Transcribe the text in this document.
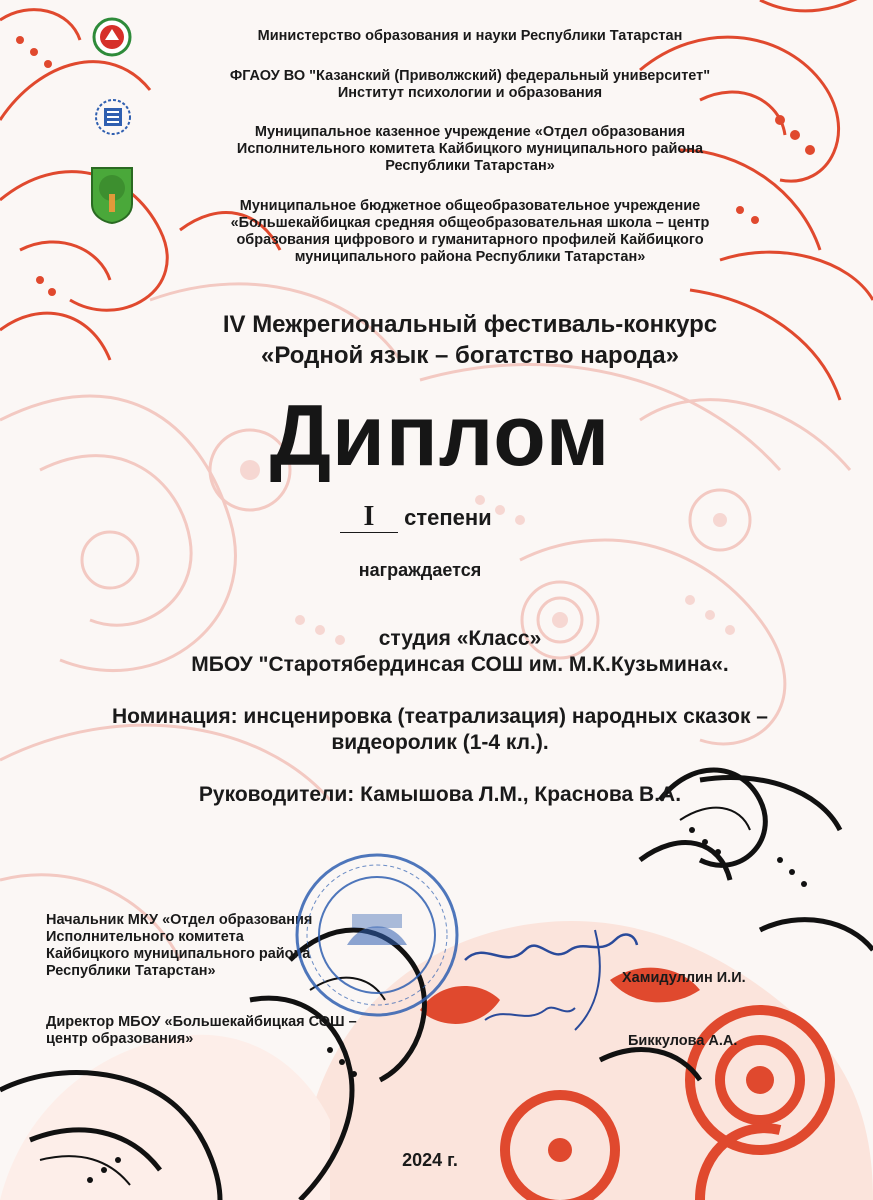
Министерство образования и науки Республики Татарстан
ФГАОУ ВО "Казанский (Приволжский) федеральный университет"
Институт психологии и образования
Муниципальное казенное учреждение «Отдел образования
Исполнительного комитета Кайбицкого муниципального района
Республики Татарстан»
Муниципальное бюджетное общеобразовательное учреждение
«Большекайбицкая средняя общеобразовательная школа – центр
образования цифрового и гуманитарного профилей Кайбицкого
муниципального района Республики Татарстан»
IV Межрегиональный фестиваль-конкурс
«Родной язык – богатство народа»
Диплом
I степени
награждается
студия «Класс»
МБОУ "Старотябердинсая СОШ им. М.К.Кузьмина«.
Номинация: инсценировка (театрализация) народных сказок –
видеоролик (1-4 кл.).
Руководители: Камышова Л.М., Краснова В.А.
Начальник МКУ «Отдел образования
Исполнительного комитета
Кайбицкого муниципального района
Республики Татарстан»	Хамидуллин И.И.
Директор МБОУ «Большекайбицкая СОШ –
центр образования»	Биккулова А.А.
2024 г.
